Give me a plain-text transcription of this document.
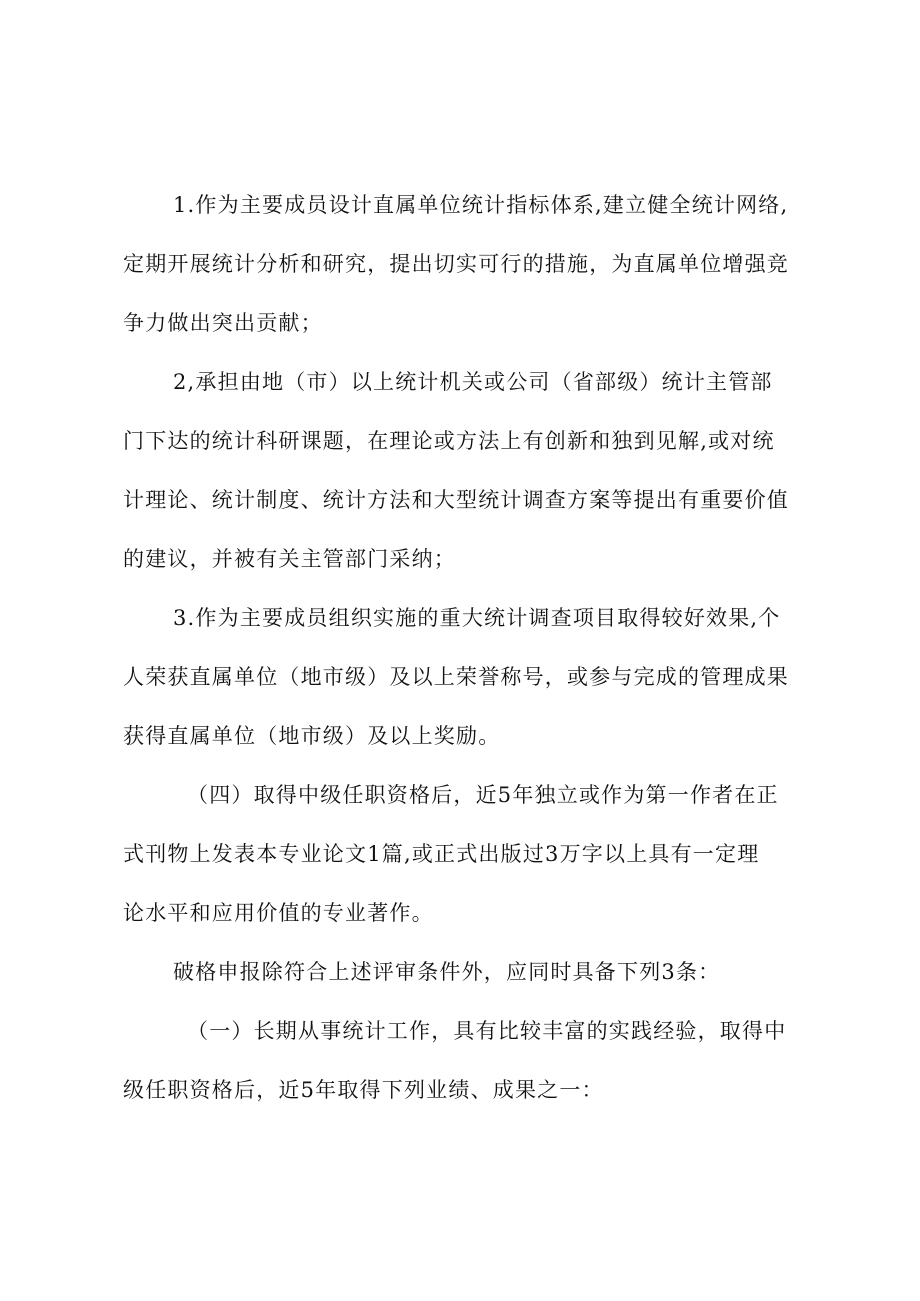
1.作为主要成员设计直属单位统计指标体系,建立健全统计网络,
定期开展统计分析和研究，提出切实可行的措施，为直属单位增强竞
争力做出突出贡献；

2,承担由地（市）以上统计机关或公司（省部级）统计主管部
门下达的统计科研课题，在理论或方法上有创新和独到见解,或对统
计理论、统计制度、统计方法和大型统计调查方案等提出有重要价值
的建议，并被有关主管部门采纳；

3.作为主要成员组织实施的重大统计调查项目取得较好效果,个
人荣获直属单位（地市级）及以上荣誉称号，或参与完成的管理成果
获得直属单位（地市级）及以上奖励。

（四）取得中级任职资格后，近5年独立或作为第一作者在正
式刊物上发表本专业论文1篇,或正式出版过3万字以上具有一定理
论水平和应用价值的专业著作。

破格申报除符合上述评审条件外，应同时具备下列3条：

（一）长期从事统计工作，具有比较丰富的实践经验，取得中
级任职资格后，近5年取得下列业绩、成果之一：
